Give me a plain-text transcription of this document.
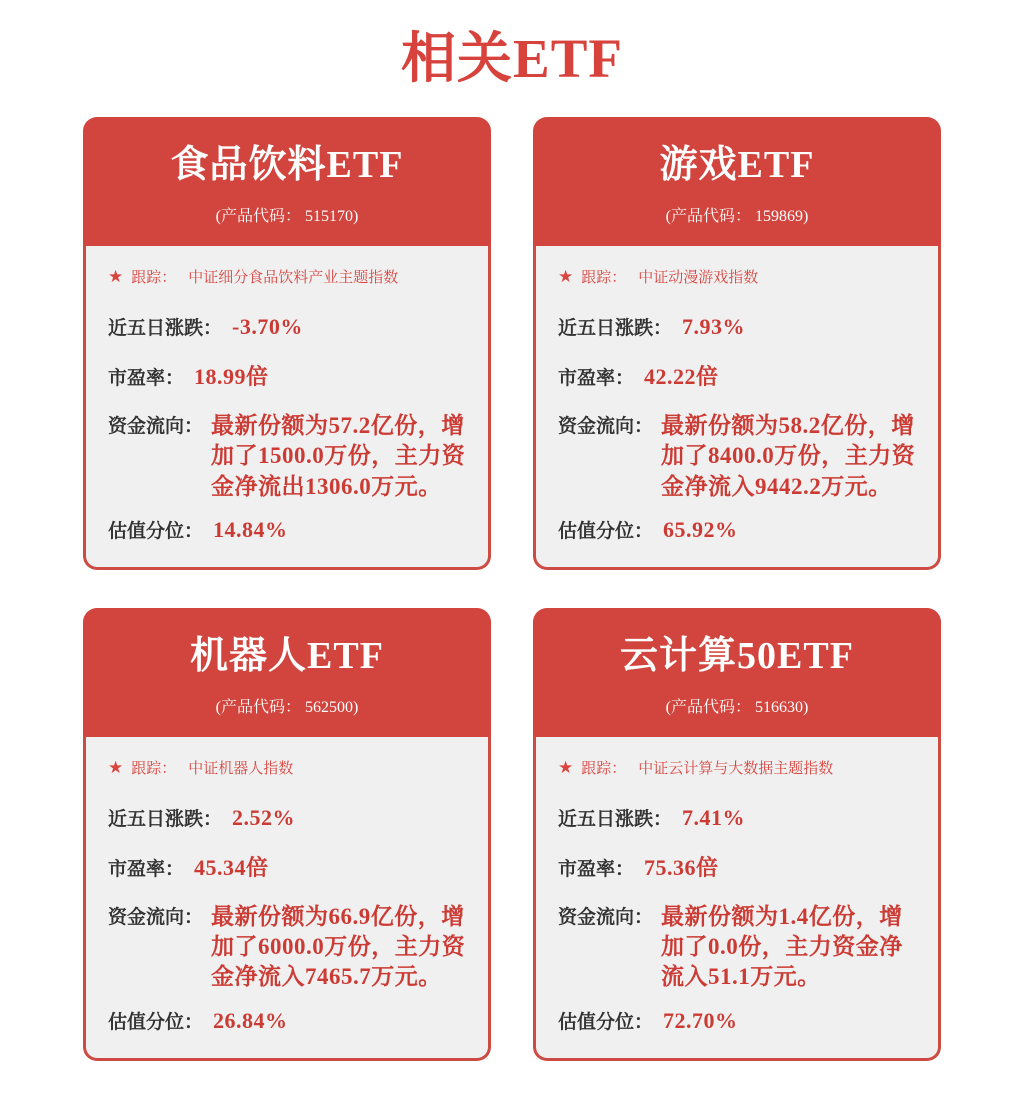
相关ETF
食品饮料ETF
(产品代码： 515170)
★ 跟踪： 中证细分食品饮料产业主题指数
近五日涨跌： -3.70%
市盈率： 18.99倍
资金流向： 最新份额为57.2亿份，增加了1500.0万份，主力资金净流出1306.0万元。
估值分位： 14.84%
游戏ETF
(产品代码： 159869)
★ 跟踪： 中证动漫游戏指数
近五日涨跌： 7.93%
市盈率： 42.22倍
资金流向： 最新份额为58.2亿份，增加了8400.0万份，主力资金净流入9442.2万元。
估值分位： 65.92%
机器人ETF
(产品代码： 562500)
★ 跟踪： 中证机器人指数
近五日涨跌： 2.52%
市盈率： 45.34倍
资金流向： 最新份额为66.9亿份，增加了6000.0万份，主力资金净流入7465.7万元。
估值分位： 26.84%
云计算50ETF
(产品代码： 516630)
★ 跟踪： 中证云计算与大数据主题指数
近五日涨跌： 7.41%
市盈率： 75.36倍
资金流向： 最新份额为1.4亿份，增加了0.0份，主力资金净流入51.1万元。
估值分位： 72.70%
